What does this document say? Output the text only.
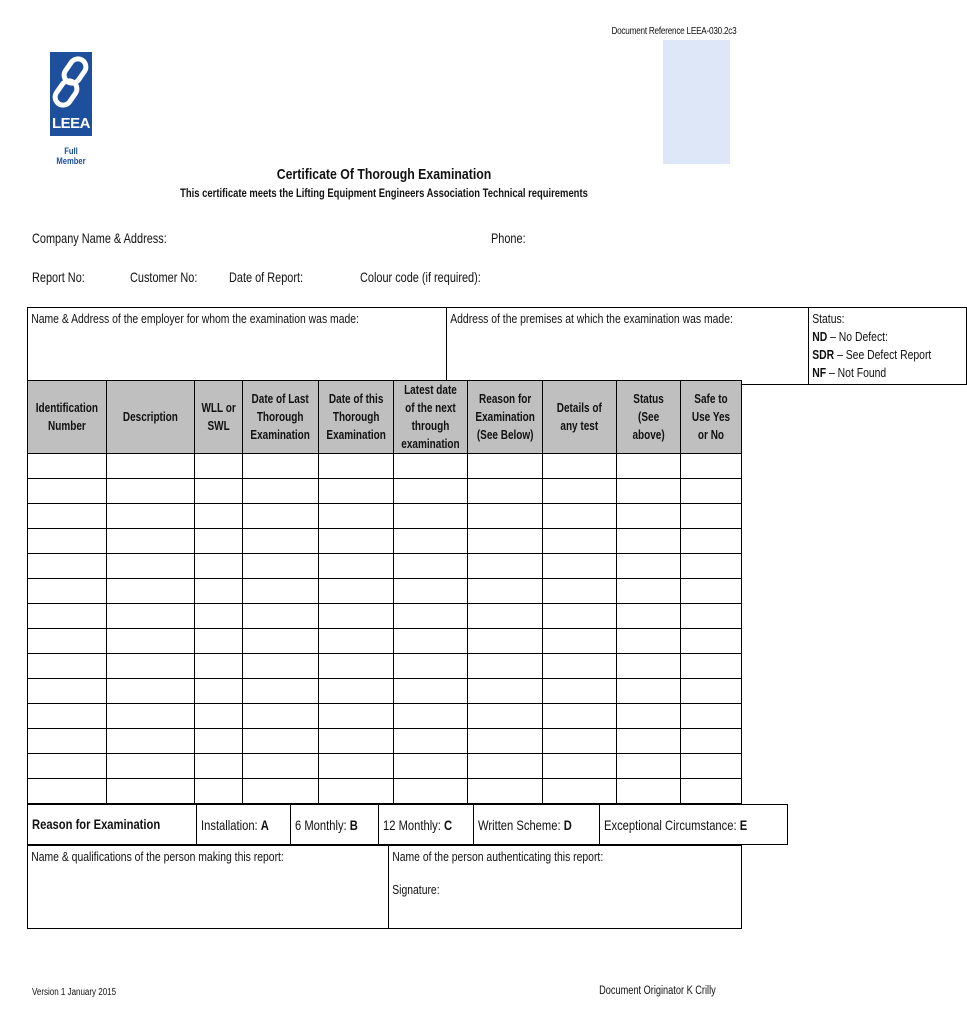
Document Reference LEEA-030.2c3
LEEA
Full Member
Certificate Of Thorough Examination
This certificate meets the Lifting Equipment Engineers Association Technical requirements
Company Name & Address:	Phone:
Report No:	Customer No: Date of Report:	Colour code (if required):
Name & Address of the employer for whom the examination was made:	Address of the premises at which the examination was made:	Status:
ND – No Defect:
SDR – See Defect Report
NF – Not Found
Identification Number	Description	WLL or SWL	Date of Last Thorough Examination	Date of this Thorough Examination	Latest date of the next through examination	Reason for Examination (See Below)	Details of any test	Status (See above)	Safe to Use Yes or No

Reason for Examination	Installation: A	6 Monthly: B	12 Monthly: C	Written Scheme: D	Exceptional Circumstance: E
Name & qualifications of the person making this report:	Name of the person authenticating this report:
Signature:
Version 1 January 2015	Document Originator K Crilly
